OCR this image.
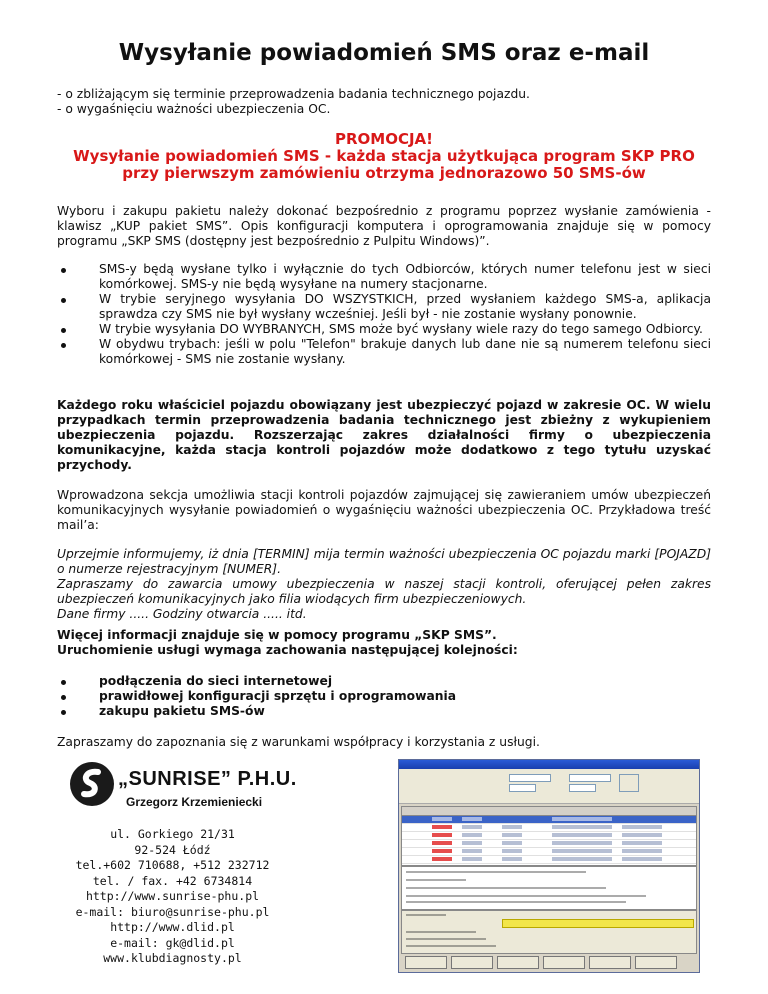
Wysyłanie powiadomień SMS oraz e-mail
- o zbliżającym się terminie przeprowadzenia badania technicznego pojazdu.
- o wygaśnięciu ważności ubezpieczenia OC.
PROMOCJA!
Wysyłanie powiadomień SMS - każda stacja użytkująca program SKP PRO
przy pierwszym zamówieniu otrzyma jednorazowo 50 SMS-ów

Wyboru i zakupu pakietu należy dokonać bezpośrednio z programu poprzez wysłanie zamówienia - klawisz „KUP pakiet SMS”. Opis konfiguracji komputera i oprogramowania znajduje się w pomocy programu „SKP SMS (dostępny jest bezpośrednio z Pulpitu Windows)”.

SMS-y będą wysłane tylko i wyłącznie do tych Odbiorców, których numer telefonu jest w sieci komórkowej. SMS-y nie będą wysyłane na numery stacjonarne.
W trybie seryjnego wysyłania DO WSZYSTKICH, przed wysłaniem każdego SMS-a, aplikacja sprawdza czy SMS nie był wysłany wcześniej. Jeśli był - nie zostanie wysłany ponownie.
W trybie wysyłania DO WYBRANYCH, SMS może być wysłany wiele razy do tego samego Odbiorcy.
W obydwu trybach: jeśli w polu "Telefon" brakuje danych lub dane nie są numerem telefonu sieci komórkowej - SMS nie zostanie wysłany.

Każdego roku właściciel pojazdu obowiązany jest ubezpieczyć pojazd w zakresie OC. W wielu przypadkach termin przeprowadzenia badania technicznego jest zbieżny z wykupieniem ubezpieczenia pojazdu. Rozszerzając zakres działalności firmy o ubezpieczenia komunikacyjne, każda stacja kontroli pojazdów może dodatkowo z tego tytułu uzyskać przychody.

Wprowadzona sekcja umożliwia stacji kontroli pojazdów zajmującej się zawieraniem umów ubezpieczeń komunikacyjnych wysyłanie powiadomień o wygaśnięciu ważności ubezpieczenia OC. Przykładowa treść mail’a:

Uprzejmie informujemy, iż dnia [TERMIN] mija termin ważności ubezpieczenia OC pojazdu marki [POJAZD] o numerze rejestracyjnym [NUMER].
Zapraszamy do zawarcia umowy ubezpieczenia w naszej stacji kontroli, oferującej pełen zakres ubezpieczeń komunikacyjnych jako filia wiodących firm ubezpieczeniowych.
Dane firmy ..... Godziny otwarcia ..... itd.
Więcej informacji znajduje się w pomocy programu „SKP SMS”.
Uruchomienie usługi wymaga zachowania następującej kolejności:
podłączenia do sieci internetowej
prawidłowej konfiguracji sprzętu i oprogramowania
zakupu pakietu SMS-ów

Zapraszamy do zapoznania się z warunkami współpracy i korzystania z usługi.

„SUNRISE” P.H.U.
Grzegorz Krzemieniecki
ul. Gorkiego 21/31
92-524 Łódź
tel.+602 710688, +512 232712
tel. / fax. +42 6734814
http://www.sunrise-phu.pl
e-mail: biuro@sunrise-phu.pl
http://www.dlid.pl
e-mail: gk@dlid.pl
www.klubdiagnosty.pl
